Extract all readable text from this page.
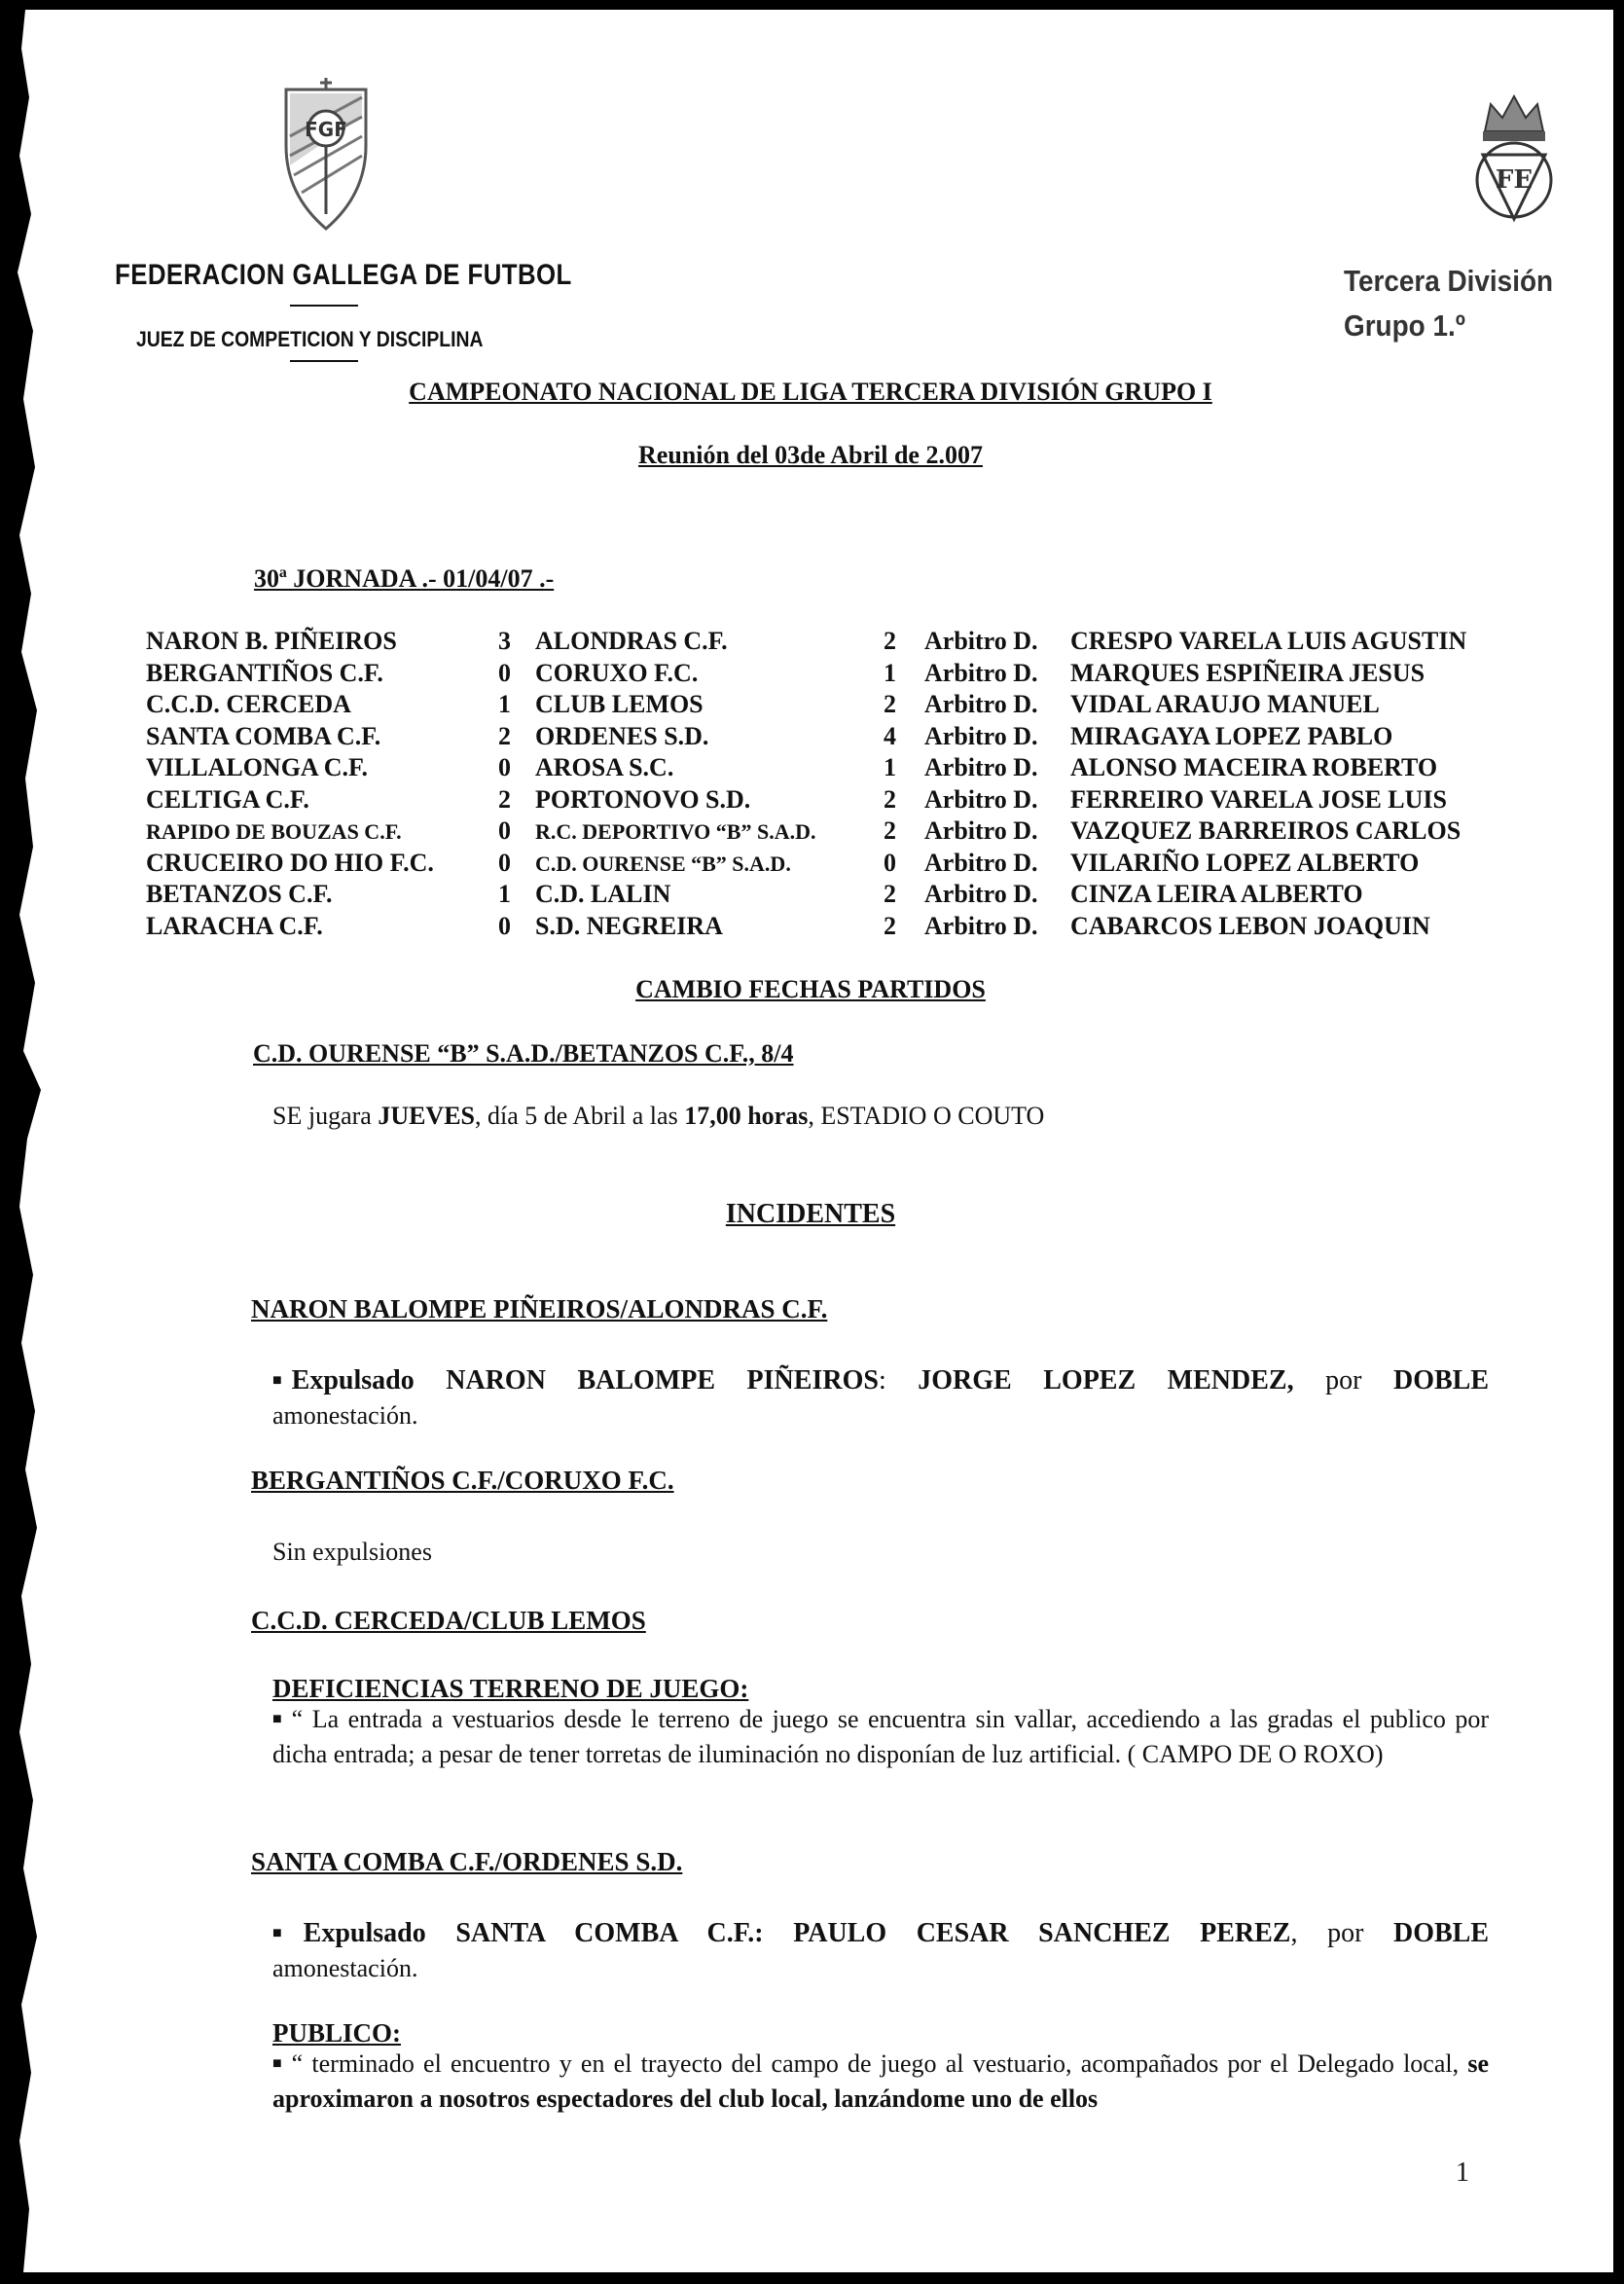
FGF
FEDERACION GALLEGA DE FUTBOL
JUEZ DE COMPETICION Y DISCIPLINA
FE
Tercera División
Grupo 1.º
CAMPEONATO NACIONAL DE LIGA TERCERA DIVISIÓN GRUPO I
Reunión del 03de Abril de 2.007
30ª JORNADA .- 01/04/07 .-
NARON B. PIÑEIROS	3 ALONDRAS C.F.	2 Arbitro D. CRESPO VARELA LUIS AGUSTIN
BERGANTIÑOS C.F.	0 CORUXO F.C.	1 Arbitro D. MARQUES ESPIÑEIRA JESUS
C.C.D. CERCEDA	1 CLUB LEMOS	2 Arbitro D. VIDAL ARAUJO MANUEL
SANTA COMBA C.F.	2 ORDENES S.D.	4 Arbitro D. MIRAGAYA LOPEZ PABLO
VILLALONGA C.F.	0 AROSA S.C.	1 Arbitro D. ALONSO MACEIRA ROBERTO
CELTIGA C.F.	2 PORTONOVO S.D.	2 Arbitro D. FERREIRO VARELA JOSE LUIS
RAPIDO DE BOUZAS C.F.	0 R.C. DEPORTIVO “B” S.A.D.	2 Arbitro D. VAZQUEZ BARREIROS CARLOS
CRUCEIRO DO HIO F.C.	0 C.D. OURENSE “B” S.A.D.	0 Arbitro D. VILARIÑO LOPEZ ALBERTO
BETANZOS C.F.	1 C.D. LALIN	2 Arbitro D. CINZA LEIRA ALBERTO
LARACHA C.F.	0 S.D. NEGREIRA	2 Arbitro D. CABARCOS LEBON JOAQUIN
CAMBIO FECHAS PARTIDOS
C.D. OURENSE “B” S.A.D./BETANZOS C.F., 8/4
SE jugara JUEVES, día 5 de Abril a las 17,00 horas, ESTADIO O COUTO
INCIDENTES
NARON BALOMPE PIÑEIROS/ALONDRAS C.F.
■ Expulsado NARON BALOMPE PIÑEIROS: JORGE LOPEZ MENDEZ, por DOBLE
amonestación.
BERGANTIÑOS C.F./CORUXO F.C.
Sin expulsiones
C.C.D. CERCEDA/CLUB LEMOS
DEFICIENCIAS TERRENO DE JUEGO:
■ “ La entrada a vestuarios desde le terreno de juego se encuentra sin vallar, accediendo a las gradas el publico por dicha entrada; a pesar de tener torretas de iluminación no disponían de luz artificial. ( CAMPO DE O ROXO)
SANTA COMBA C.F./ORDENES S.D.
■ Expulsado SANTA COMBA C.F.: PAULO CESAR SANCHEZ PEREZ, por DOBLE
amonestación.
PUBLICO:
■ “ terminado el encuentro y en el trayecto del campo de juego al vestuario, acompañados por el Delegado local, se aproximaron a nosotros espectadores del club local, lanzándome uno de ellos
1
